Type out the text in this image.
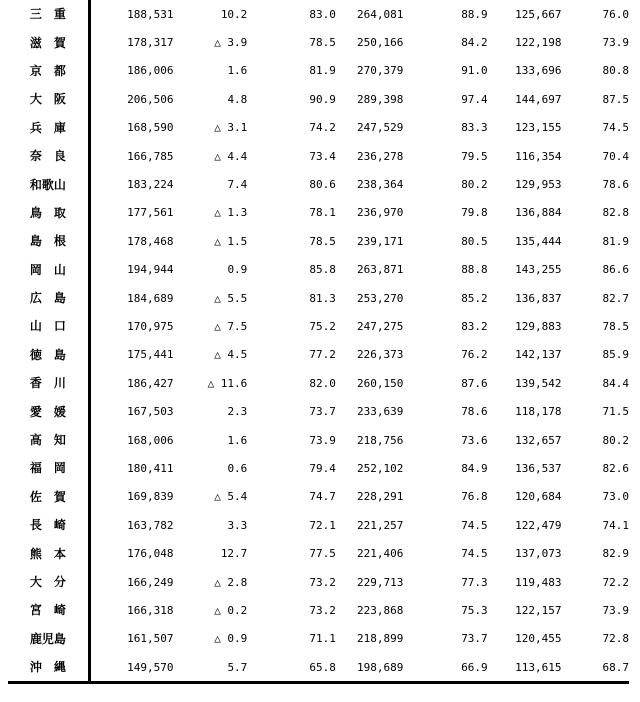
三　重	188,531	10.2	83.0	264,081	88.9	125,667	76.0
滋　賀	178,317	△ 3.9	78.5	250,166	84.2	122,198	73.9
京　都	186,006	1.6	81.9	270,379	91.0	133,696	80.8
大　阪	206,506	4.8	90.9	289,398	97.4	144,697	87.5
兵　庫	168,590	△ 3.1	74.2	247,529	83.3	123,155	74.5
奈　良	166,785	△ 4.4	73.4	236,278	79.5	116,354	70.4
和歌山	183,224	7.4	80.6	238,364	80.2	129,953	78.6
鳥　取	177,561	△ 1.3	78.1	236,970	79.8	136,884	82.8
島　根	178,468	△ 1.5	78.5	239,171	80.5	135,444	81.9
岡　山	194,944	0.9	85.8	263,871	88.8	143,255	86.6
広　島	184,689	△ 5.5	81.3	253,270	85.2	136,837	82.7
山　口	170,975	△ 7.5	75.2	247,275	83.2	129,883	78.5
徳　島	175,441	△ 4.5	77.2	226,373	76.2	142,137	85.9
香　川	186,427	△ 11.6	82.0	260,150	87.6	139,542	84.4
愛　媛	167,503	2.3	73.7	233,639	78.6	118,178	71.5
高　知	168,006	1.6	73.9	218,756	73.6	132,657	80.2
福　岡	180,411	0.6	79.4	252,102	84.9	136,537	82.6
佐　賀	169,839	△ 5.4	74.7	228,291	76.8	120,684	73.0
長　崎	163,782	3.3	72.1	221,257	74.5	122,479	74.1
熊　本	176,048	12.7	77.5	221,406	74.5	137,073	82.9
大　分	166,249	△ 2.8	73.2	229,713	77.3	119,483	72.2
宮　崎	166,318	△ 0.2	73.2	223,868	75.3	122,157	73.9
鹿児島	161,507	△ 0.9	71.1	218,899	73.7	120,455	72.8
沖　縄	149,570	5.7	65.8	198,689	66.9	113,615	68.7
